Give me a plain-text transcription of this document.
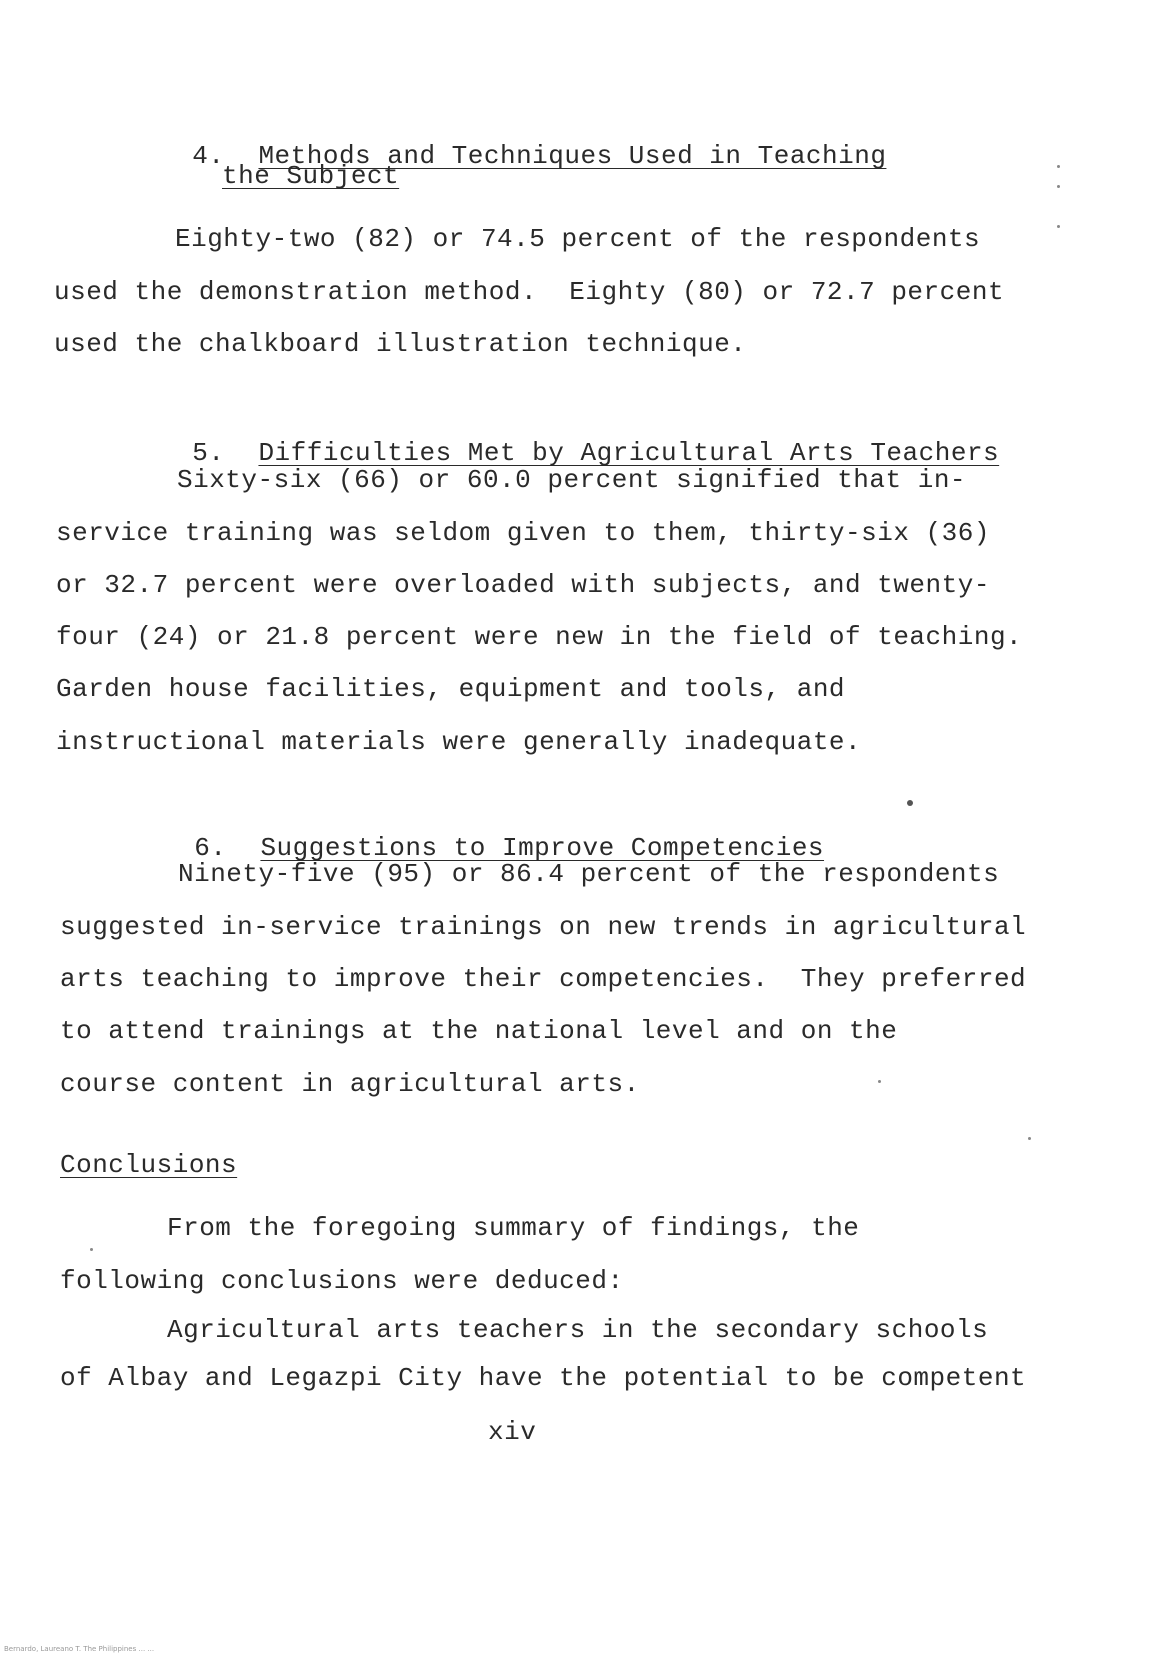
4. Methods and Techniques Used in Teaching

the Subject
Eighty-two (82) or 74.5 percent of the respondents
used the demonstration method.  Eighty (80) or 72.7 percent
used the chalkboard illustration technique.

5. Difficulties Met by Agricultural Arts Teachers

Sixty-six (66) or 60.0 percent signified that in-
service training was seldom given to them, thirty-six (36)
or 32.7 percent were overloaded with subjects, and twenty-
four (24) or 21.8 percent were new in the field of teaching.
Garden house facilities, equipment and tools, and
instructional materials were generally inadequate.

6. Suggestions to Improve Competencies

Ninety-five (95) or 86.4 percent of the respondents
suggested in-service trainings on new trends in agricultural
arts teaching to improve their competencies.  They preferred
to attend trainings at the national level and on the
course content in agricultural arts.
Conclusions
From the foregoing summary of findings, the
following conclusions were deduced:
Agricultural arts teachers in the secondary schools
of Albay and Legazpi City have the potential to be competent
xiv
Bernardo, Laureano T. The Philippines ... ...
